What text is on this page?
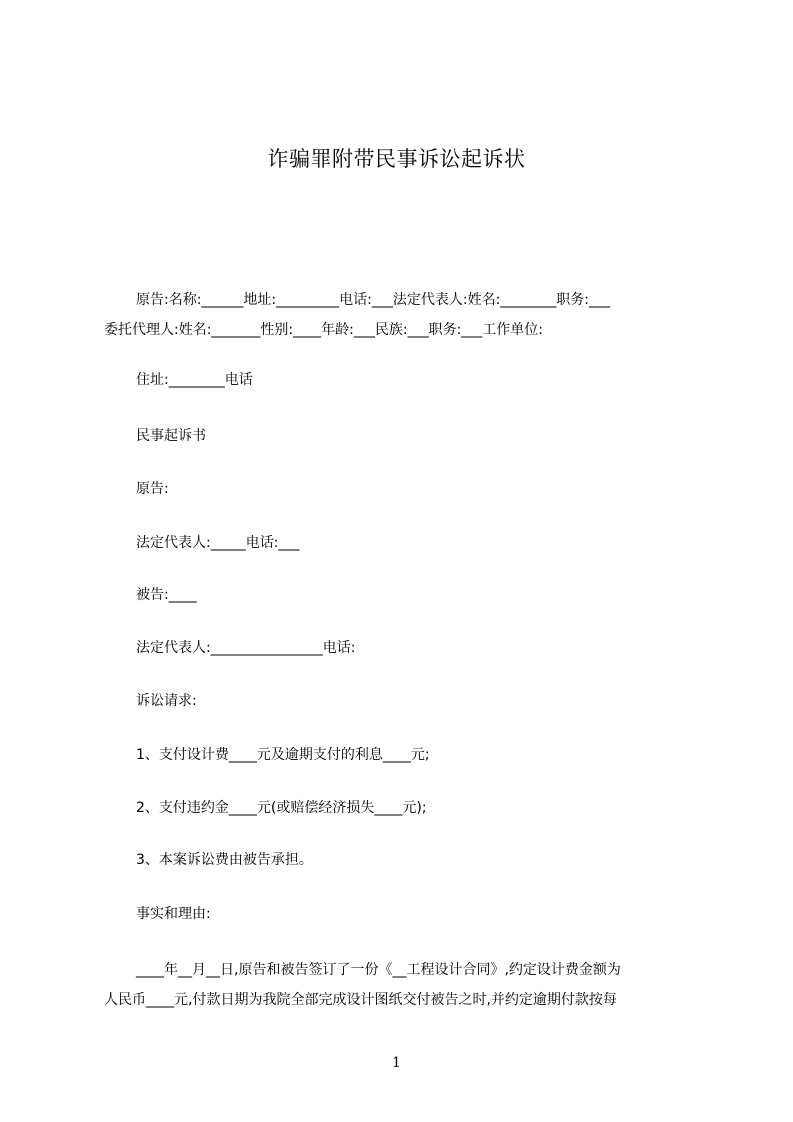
诈骗罪附带民事诉讼起诉状
原告:名称:______地址:_________电话:___法定代表人:姓名:________职务:___
委托代理人:姓名:_______性别:____年龄:___民族:___职务:___工作单位:
住址:________电话
民事起诉书
原告:
法定代表人:_____电话:___
被告:____
法定代表人:________________电话:
诉讼请求:
1、支付设计费____元及逾期支付的利息____元;
2、支付违约金____元(或赔偿经济损失____元);
3、本案诉讼费由被告承担。
事实和理由:
____年__月__日,原告和被告签订了一份《__工程设计合同》,约定设计费金额为
人民币____元,付款日期为我院全部完成设计图纸交付被告之时,并约定逾期付款按每
1
